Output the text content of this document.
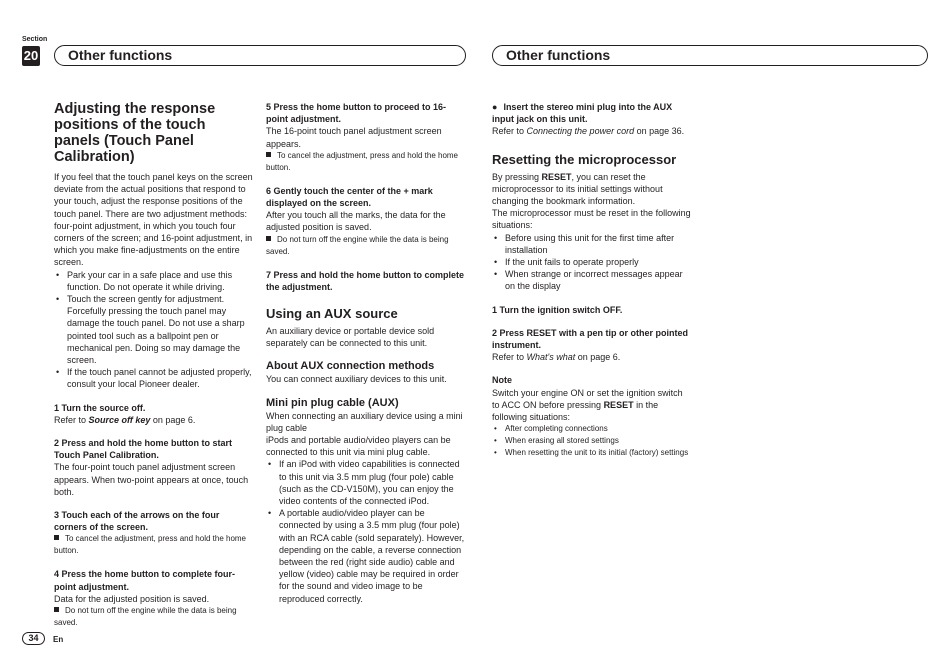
Section
20	Other functions	Other functions
Adjusting the response positions of the touch panels (Touch Panel Calibration)

If you feel that the touch panel keys on the screen deviate from the actual positions that respond to your touch, adjust the response positions of the touch panel. There are two adjustment methods: four-point adjustment, in which you touch four corners of the screen; and 16-point adjustment, in which you make fine-adjustments on the entire screen.

• Park your car in a safe place and use this function. Do not operate it while driving.
• Touch the screen gently for adjustment. Forcefully pressing the touch panel may damage the touch panel. Do not use a sharp pointed tool such as a ballpoint pen or mechanical pen. Doing so may damage the screen.
• If the touch panel cannot be adjusted properly, consult your local Pioneer dealer.

1 Turn the source off.

Refer to Source off key on page 6.

2 Press and hold the home button to start Touch Panel Calibration.

The four-point touch panel adjustment screen appears. When two-point appears at once, touch both.

3 Touch each of the arrows on the four corners of the screen.

To cancel the adjustment, press and hold the home button.

4 Press the home button to complete four-point adjustment.

Data for the adjusted position is saved.

Do not turn off the engine while the data is being saved.

5 Press the home button to proceed to 16-point adjustment.

The 16-point touch panel adjustment screen appears.

To cancel the adjustment, press and hold the home button.

6 Gently touch the center of the + mark displayed on the screen.

After you touch all the marks, the data for the adjusted position is saved.

Do not turn off the engine while the data is being saved.

7 Press and hold the home button to complete the adjustment.

Using an AUX source

An auxiliary device or portable device sold separately can be connected to this unit.

About AUX connection methods

You can connect auxiliary devices to this unit.

Mini pin plug cable (AUX)

When connecting an auxiliary device using a mini plug cable

iPods and portable audio/video players can be connected to this unit via mini plug cable.

• If an iPod with video capabilities is connected to this unit via 3.5 mm plug (four pole) cable (such as the CD-V150M), you can enjoy the video contents of the connected iPod.
• A portable audio/video player can be connected by using a 3.5 mm plug (four pole) with an RCA cable (sold separately). However, depending on the cable, a reverse connection between the red (right side audio) cable and yellow (video) cable may be required in order for the sound and video image to be reproduced correctly.

● Insert the stereo mini plug into the AUX input jack on this unit.

Refer to Connecting the power cord on page 36.

Resetting the microprocessor

By pressing RESET, you can reset the microprocessor to its initial settings without changing the bookmark information.

The microprocessor must be reset in the following situations:

• Before using this unit for the first time after installation
• If the unit fails to operate properly
• When strange or incorrect messages appear on the display

1 Turn the ignition switch OFF.

2 Press RESET with a pen tip or other pointed instrument.

Refer to What's what on page 6.

Note

Switch your engine ON or set the ignition switch to ACC ON before pressing RESET in the following situations:

• After completing connections
• When erasing all stored settings
• When resetting the unit to its initial (factory) settings
34	En
